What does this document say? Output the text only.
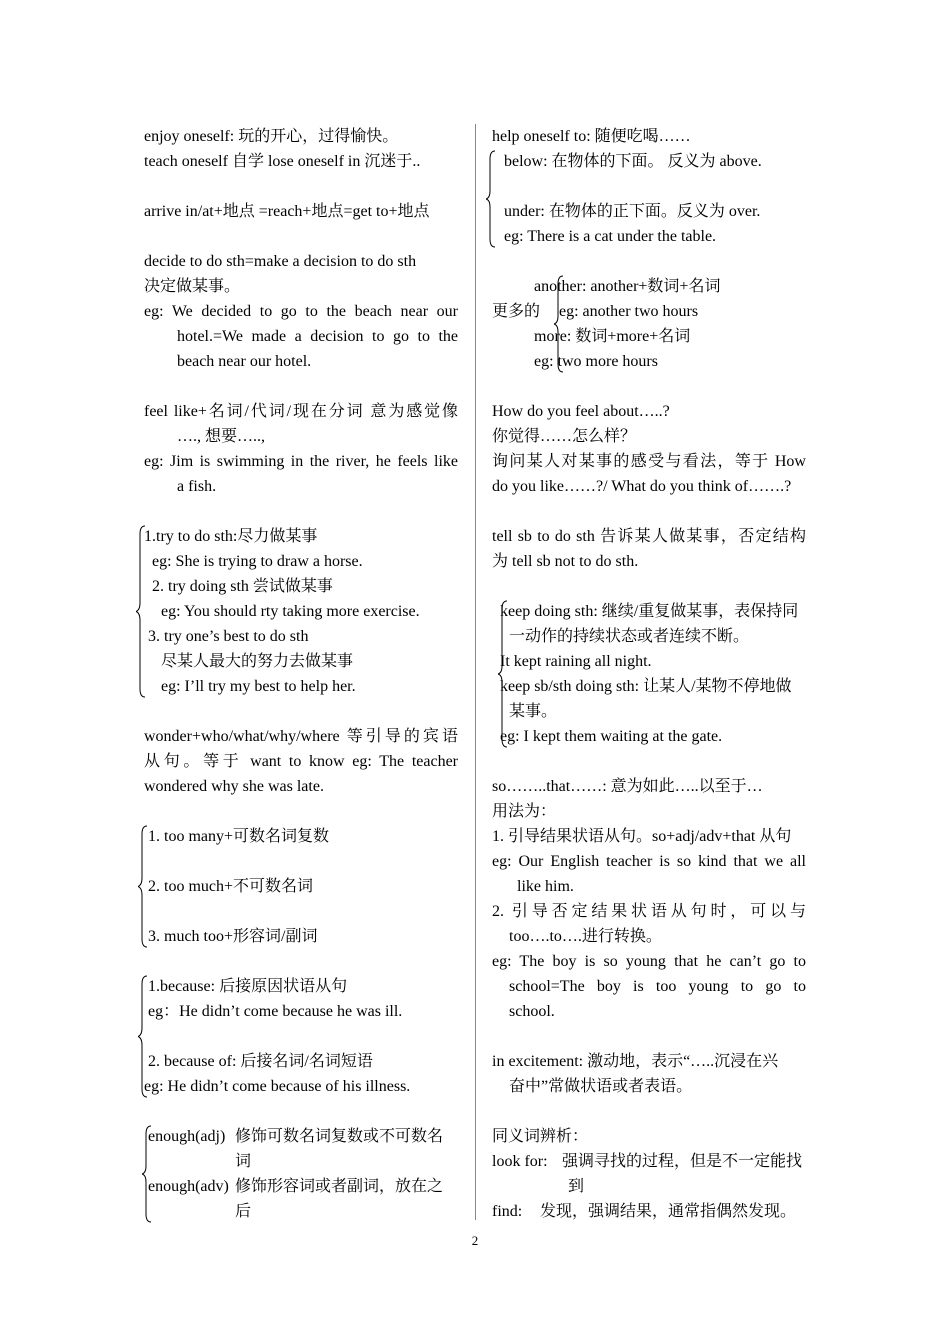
enjoy oneself: 玩的开心，过得愉快。
teach oneself 自学 lose oneself in 沉迷于..
arrive in/at+地点 =reach+地点=get to+地点
decide to do sth=make a decision to do sth
决定做某事。
eg: We decided to go to the beach near our
hotel.=We made a decision to go to the
beach near our hotel.
feel like+名词/代词/现在分词 意为感觉像
…., 想要…..,
eg: Jim is swimming in the river, he feels like
a fish.
1.try to do sth:尽力做某事
eg: She is trying to draw a horse.
2. try doing sth 尝试做某事
eg: You should rty taking more exercise.
3. try one’s best to do sth
尽某人最大的努力去做某事
eg: I’ll try my best to help her.
wonder+who/what/why/where 等引导的宾语
从句。等于 want to know eg: The teacher
wondered why she was late.
1. too many+可数名词复数
2. too much+不可数名词
3. much too+形容词/副词
1.because: 后接原因状语从句
eg：He didn’t come because he was ill.
2. because of: 后接名词/名词短语
eg: He didn’t come because of his illness.
enough(adj) 修饰可数名词复数或不可数名
词
enough(adv) 修饰形容词或者副词，放在之
后
help oneself to: 随便吃喝……
below: 在物体的下面。 反义为 above.
under: 在物体的正下面。反义为 over.
eg: There is a cat under the table.
another: another+数词+名词
更多的	eg: another two hours
more: 数词+more+名词
eg: two more hours
How do you feel about…..?
你觉得……怎么样？
询问某人对某事的感受与看法，等于 How
do you like……?/ What do you think of…….?
tell sb to do sth 告诉某人做某事，否定结构
为 tell sb not to do sth.
keep doing sth: 继续/重复做某事，表保持同
一动作的持续状态或者连续不断。
It kept raining all night.
keep sb/sth doing sth: 让某人/某物不停地做
某事。
eg: I kept them waiting at the gate.
so……..that……: 意为如此…..以至于…
用法为：
1. 引导结果状语从句。so+adj/adv+that 从句
eg: Our English teacher is so kind that we all
like him.
2. 引导否定结果状语从句时，可以与
too….to….进行转换。
eg: The boy is so young that he can’t go to
school=The boy is too young to go to
school.
in excitement: 激动地，表示“…..沉浸在兴
奋中”常做状语或者表语。
同义词辨析：
look for: 强调寻找的过程，但是不一定能找
到
find:	发现，强调结果，通常指偶然发现。
2
